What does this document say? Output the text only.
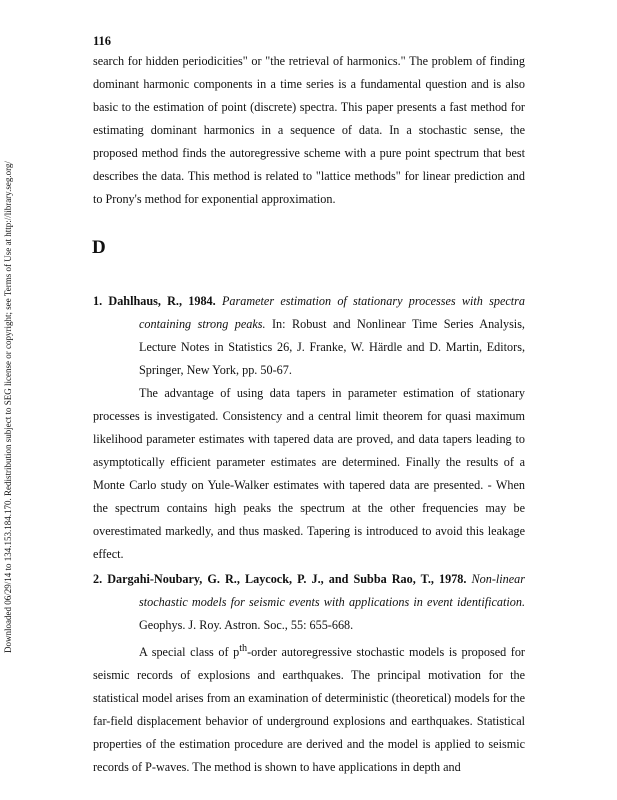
Downloaded 06/29/14 to 134.153.184.170. Redistribution subject to SEG license or copyright; see Terms of Use at http://library.seg.org/
116

search for hidden periodicities" or "the retrieval of harmonics." The problem of finding dominant harmonic components in a time series is a fundamental question and is also basic to the estimation of point (discrete) spectra. This paper presents a fast method for estimating dominant harmonics in a sequence of data. In a stochastic sense, the proposed method finds the autoregressive scheme with a pure point spectrum that best describes the data. This method is related to "lattice methods" for linear prediction and to Prony's method for exponential approximation.

D

1. Dahlhaus, R., 1984. Parameter estimation of stationary processes with spectra containing strong peaks. In: Robust and Nonlinear Time Series Analysis, Lecture Notes in Statistics 26, J. Franke, W. Härdle and D. Martin, Editors, Springer, New York, pp. 50-67.

The advantage of using data tapers in parameter estimation of stationary processes is investigated. Consistency and a central limit theorem for quasi maximum likelihood parameter estimates with tapered data are proved, and data tapers leading to asymptotically efficient parameter estimates are determined. Finally the results of a Monte Carlo study on Yule-Walker estimates with tapered data are presented. - When the spectrum contains high peaks the spectrum at the other frequencies may be overestimated markedly, and thus masked. Tapering is introduced to avoid this leakage effect.

2. Dargahi-Noubary, G. R., Laycock, P. J., and Subba Rao, T., 1978. Non-linear stochastic models for seismic events with applications in event identification. Geophys. J. Roy. Astron. Soc., 55: 655-668.

A special class of $p^{th}$-order autoregressive stochastic models is proposed for seismic records of explosions and earthquakes. The principal motivation for the statistical model arises from an examination of deterministic (theoretical) models for the far-field displacement behavior of underground explosions and earthquakes. Statistical properties of the estimation procedure are derived and the model is applied to seismic records of P-waves. The method is shown to have applications in depth and
